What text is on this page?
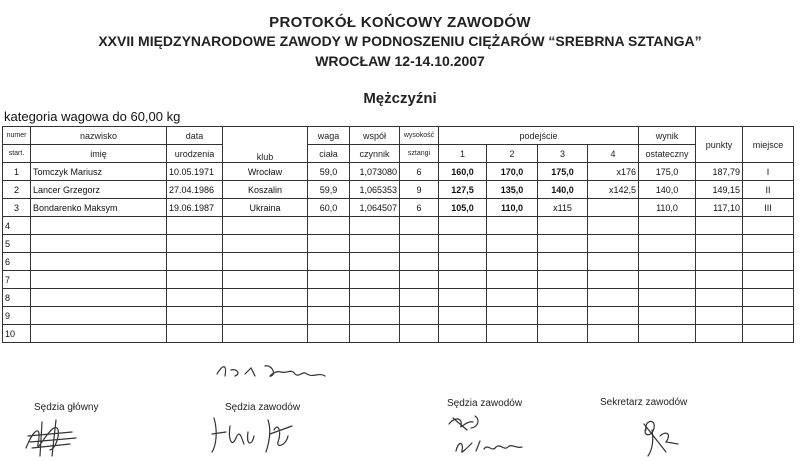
PROTOKÓŁ KOŃCOWY ZAWODÓW
XXVII MIĘDZYNARODOWE ZAWODY W PODNOSZENIU CIĘŻARÓW “SREBRNA SZTANGA”
WROCŁAW 12-14.10.2007
Mężczyźni
kategoria wagowa do 60,00 kg
numer	nazwisko	data	klub	waga	współ	wysokość	podejście				wynik	punkty	miejsce
start.	imię	urodzenia		ciała	czynnik	sztangi	1	2	3	4	ostateczny		
1	Tomczyk Mariusz	10.05.1971	Wrocław	59,0	1,073080	6	160,0	170,0	175,0	x176	175,0	187,79	I
2	Lancer Grzegorz	27.04.1986	Koszalin	59,9	1,065353	9	127,5	135,0	140,0	x142,5	140,0	149,15	II
3	Bondarenko Maksym	19.06.1987	Ukraina	60,0	1,064507	6	105,0	110,0	x115		110,0	117,10	III
4													
5													
6													
7													
8													
9													
10													
Sędzia główny	Sędzia zawodów	Sędzia zawodów	Sekretarz zawodów
